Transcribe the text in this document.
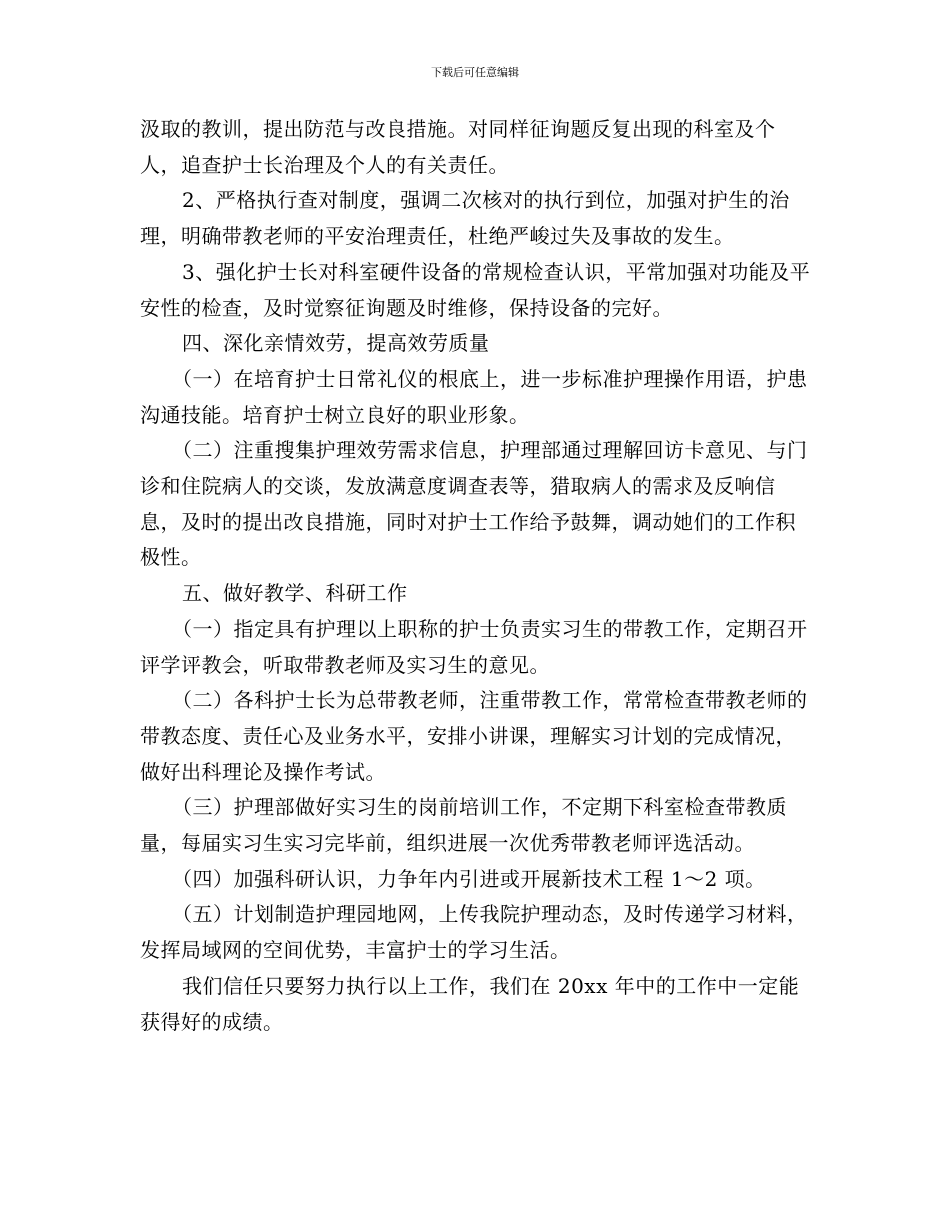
下载后可任意编辑

汲取的教训，提出防范与改良措施。对同样征询题反复出现的科室及个人，追查护士长治理及个人的有关责任。

2、严格执行查对制度，强调二次核对的执行到位，加强对护生的治理，明确带教老师的平安治理责任，杜绝严峻过失及事故的发生。

3、强化护士长对科室硬件设备的常规检查认识，平常加强对功能及平安性的检查，及时觉察征询题及时维修，保持设备的完好。

四、深化亲情效劳，提高效劳质量

（一）在培育护士日常礼仪的根底上，进一步标准护理操作用语，护患沟通技能。培育护士树立良好的职业形象。

（二）注重搜集护理效劳需求信息，护理部通过理解回访卡意见、与门诊和住院病人的交谈，发放满意度调查表等，猎取病人的需求及反响信息，及时的提出改良措施，同时对护士工作给予鼓舞，调动她们的工作积极性。

五、做好教学、科研工作

（一）指定具有护理以上职称的护士负责实习生的带教工作，定期召开评学评教会，听取带教老师及实习生的意见。

（二）各科护士长为总带教老师，注重带教工作，常常检查带教老师的带教态度、责任心及业务水平，安排小讲课，理解实习计划的完成情况，做好出科理论及操作考试。

（三）护理部做好实习生的岗前培训工作，不定期下科室检查带教质量，每届实习生实习完毕前，组织进展一次优秀带教老师评选活动。

（四）加强科研认识，力争年内引进或开展新技术工程 1～2 项。

（五）计划制造护理园地网，上传我院护理动态，及时传递学习材料，发挥局域网的空间优势，丰富护士的学习生活。

我们信任只要努力执行以上工作，我们在 20xx 年中的工作中一定能获得好的成绩。
